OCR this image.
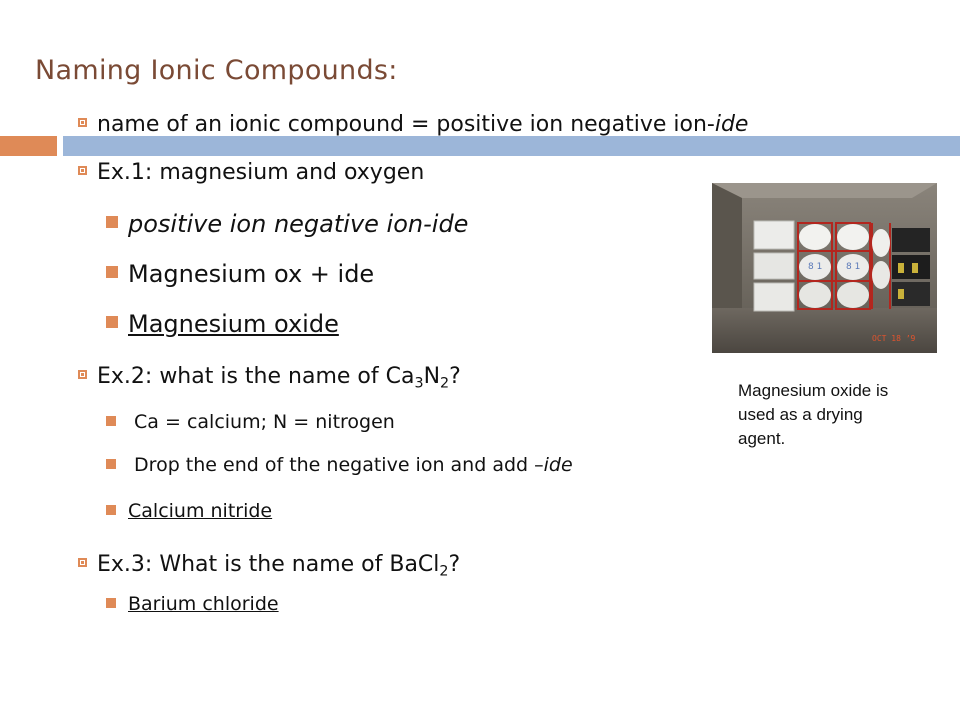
Naming Ionic Compounds:
name of an ionic compound = positive ion negative ion-ide
Ex.1: magnesium and oxygen
positive ion negative ion-ide
Magnesium ox + ide
Magnesium oxide
Ex.2: what is the name of $Ca_3N_2$?
Ca = calcium; N = nitrogen
Drop the end of the negative ion and add –ide
Calcium nitride
Ex.3: What is the name of BaCl$_2$?
Barium chloride
8 1	8 1
OCT 18 ’9
Magnesium oxide is used as a drying agent.
